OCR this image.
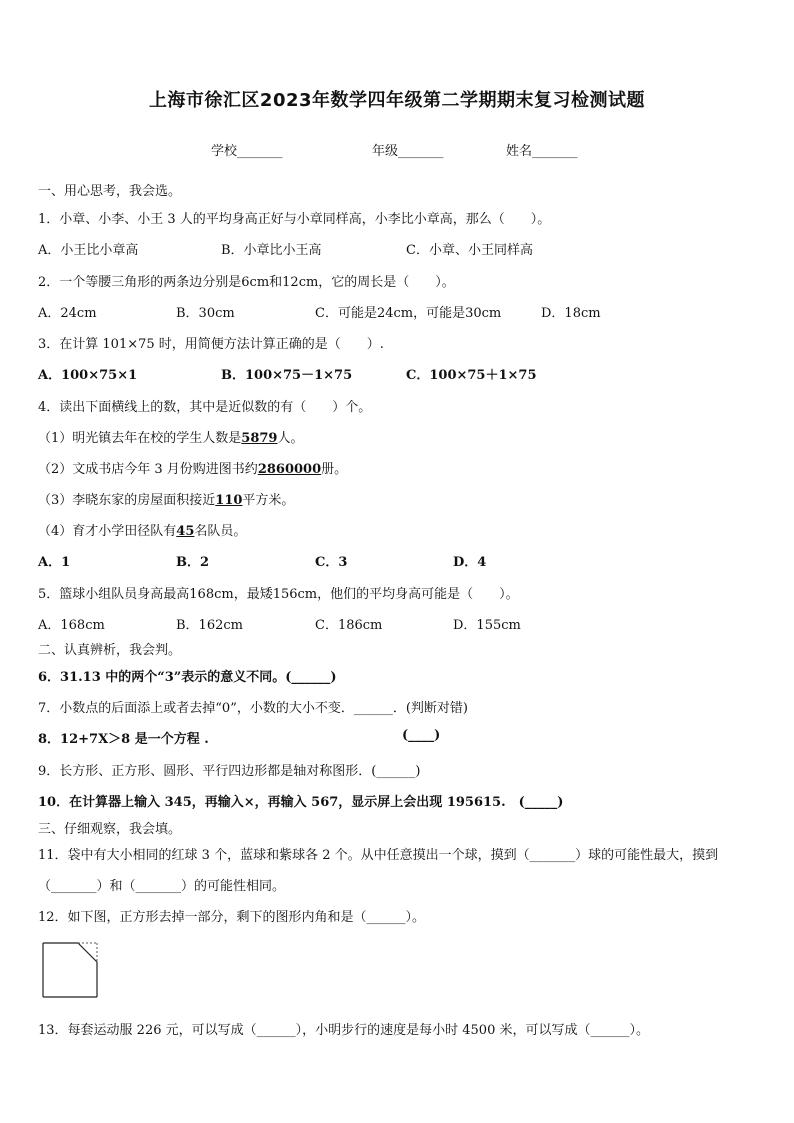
上海市徐汇区2023年数学四年级第二学期期末复习检测试题
学校_______	年级_______	姓名_______
一、用心思考，我会选。
1．小章、小李、小王 3 人的平均身高正好与小章同样高，小李比小章高，那么（　　）。
A．小王比小章高	B．小章比小王高	C．小章、小王同样高
2．一个等腰三角形的两条边分别是6cm和12cm，它的周长是（　　）。
A．24cm	B．30cm	C．可能是24cm，可能是30cm	D．18cm
3．在计算 101×75 时，用简便方法计算正确的是（　　）.
A．100×75×1	B．100×75－1×75	C．100×75＋1×75
4．读出下面横线上的数，其中是近似数的有（　　）个。
（1）明光镇去年在校的学生人数是5879人。
（2）文成书店今年 3 月份购进图书约2860000册。
（3）李晓东家的房屋面积接近110平方米。
（4）育才小学田径队有45名队员。
A．1	B．2	C．3	D．4
5．篮球小组队员身高最高168cm，最矮156cm，他们的平均身高可能是（　　）。
A．168cm	B．162cm	C．186cm	D．155cm
二、认真辨析，我会判。
6．31.13 中的两个“3”表示的意义不同。(______)
7．小数点的后面添上或者去掉“0”，小数的大小不变．______．(判断对错)
8．12+7X＞8 是一个方程 .	(____)
9．长方形、正方形、圆形、平行四边形都是轴对称图形．(______)
10．在计算器上输入 345，再输入×，再输入 567，显示屏上会出现 195615.　(_____)
三、仔细观察，我会填。
11．袋中有大小相同的红球 3 个，蓝球和紫球各 2 个。从中任意摸出一个球，摸到（_______）球的可能性最大，摸到
（_______）和（_______）的可能性相同。
12．如下图，正方形去掉一部分，剩下的图形内角和是（______）。
13．每套运动服 226 元，可以写成（______），小明步行的速度是每小时 4500 米，可以写成（______）。
